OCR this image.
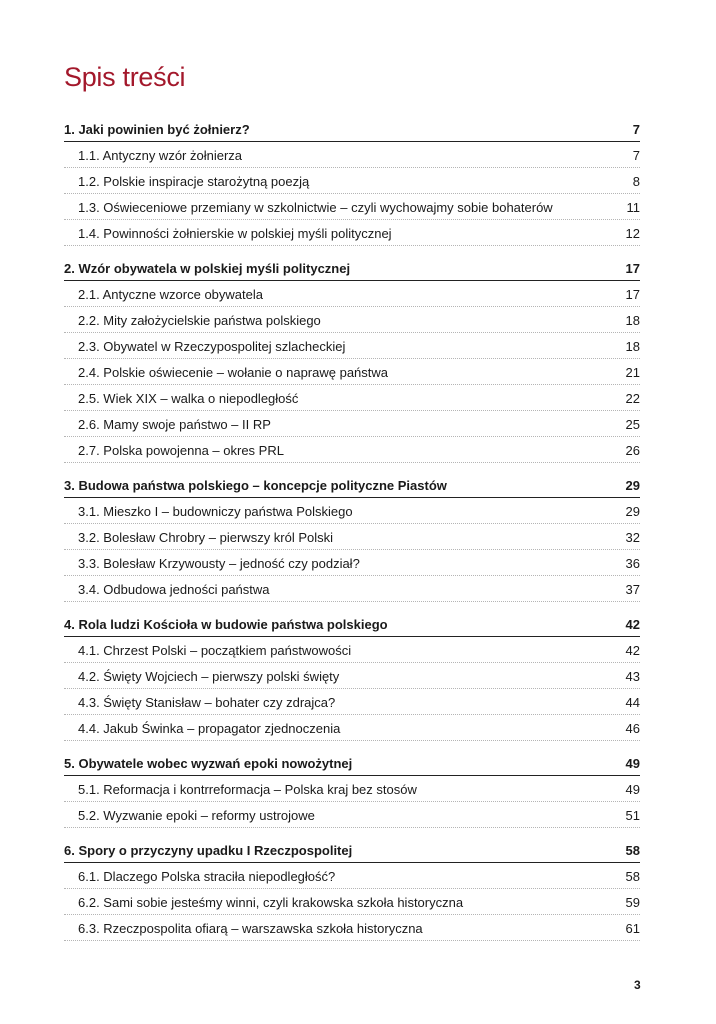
Spis treści
1. Jaki powinien być żołnierz?	7
1.1. Antyczny wzór żołnierza	7
1.2. Polskie inspiracje starożytną poezją	8
1.3. Oświeceniowe przemiany w szkolnictwie – czyli wychowajmy sobie bohaterów	11
1.4. Powinności żołnierskie w polskiej myśli politycznej	12
2. Wzór obywatela w polskiej myśli politycznej	17
2.1. Antyczne wzorce obywatela	17
2.2. Mity założycielskie państwa polskiego	18
2.3. Obywatel w Rzeczypospolitej szlacheckiej	18
2.4. Polskie oświecenie – wołanie o naprawę państwa	21
2.5. Wiek XIX – walka o niepodległość	22
2.6. Mamy swoje państwo – II RP	25
2.7. Polska powojenna – okres PRL	26
3. Budowa państwa polskiego – koncepcje polityczne Piastów	29
3.1. Mieszko I – budowniczy państwa Polskiego	29
3.2. Bolesław Chrobry – pierwszy król Polski	32
3.3. Bolesław Krzywousty – jedność czy podział?	36
3.4. Odbudowa jedności państwa	37
4. Rola ludzi Kościoła w budowie państwa polskiego	42
4.1. Chrzest Polski – początkiem państwowości	42
4.2. Święty Wojciech – pierwszy polski święty	43
4.3. Święty Stanisław – bohater czy zdrajca?	44
4.4. Jakub Świnka – propagator zjednoczenia	46
5. Obywatele wobec wyzwań epoki nowożytnej	49
5.1. Reformacja i kontrreformacja – Polska kraj bez stosów	49
5.2. Wyzwanie epoki – reformy ustrojowe	51
6. Spory o przyczyny upadku I Rzeczpospolitej	58
6.1. Dlaczego Polska straciła niepodległość?	58
6.2. Sami sobie jesteśmy winni, czyli krakowska szkoła historyczna	59
6.3. Rzeczpospolita ofiarą – warszawska szkoła historyczna	61
3
